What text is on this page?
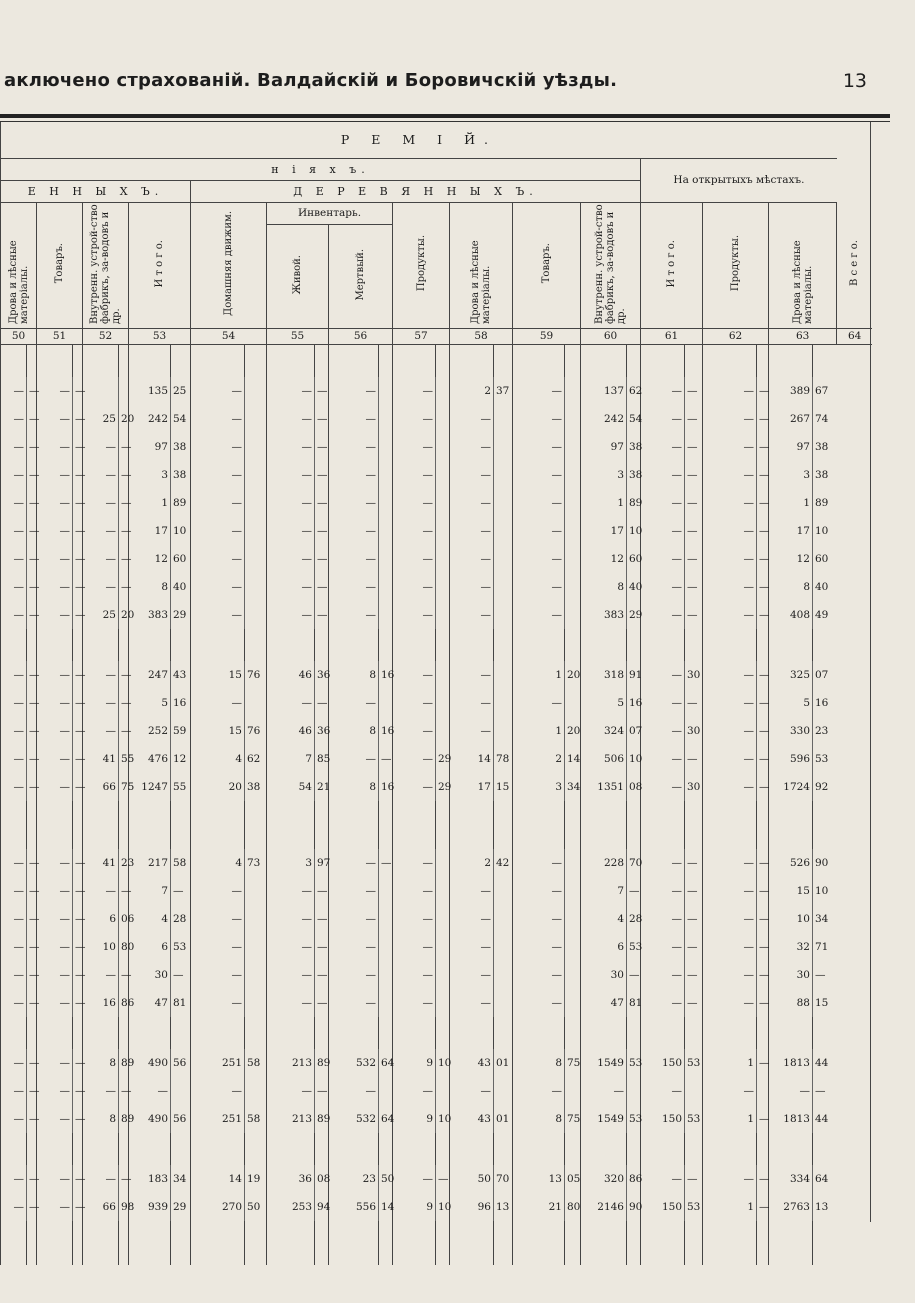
аключено страхованій. Валдайскій и Боровичскій уѣзды.	13
Р Е М І Й.																												
н і я х ъ.																						На открытыхъ мѣстахъ.						

Е Н Н Ы Х Ъ.								Д Е Р Е В Я Н Н Ы Х Ъ.																				
Дрова и лѣсные матеріалы.		Товаръ.		Внутренн. устрой-ство фабрикъ, за-водовъ и др.		И т о г о.		Домашняя движим.		Инвентарь.				Продукты.		Дрова и лѣсные матеріалы.		Товаръ.		Внутренн. устрой-ство фабрикъ, за-водовъ и др.		И т о г о.		Продукты.		Дрова и лѣсные матеріалы.		В с е г о.
										Живой.		Мертвый.																
50		51		52		53		54		55		56		57		58		59		60		61		62		63		64

—	—	—	—			135	25	—		—	—	—		—		2	37	—		137	62	—	—	—	—	389	67	
—	—	—	—	25	20	242	54	—		—	—	—		—		—		—		242	54	—	—	—	—	267	74	
—	—	—	—	—	—	97	38	—		—	—	—		—		—		—		97	38	—	—	—	—	97	38	
—	—	—	—	—	—	3	38	—		—	—	—		—		—		—		3	38	—	—	—	—	3	38	
—	—	—	—	—	—	1	89	—		—	—	—		—		—		—		1	89	—	—	—	—	1	89	
—	—	—	—	—	—	17	10	—		—	—	—		—		—		—		17	10	—	—	—	—	17	10	
—	—	—	—	—	—	12	60	—		—	—	—		—		—		—		12	60	—	—	—	—	12	60	
—	—	—	—	—	—	8	40	—		—	—	—		—		—		—		8	40	—	—	—	—	8	40	
—	—	—	—	25	20	383	29	—		—	—	—		—		—		—		383	29	—	—	—	—	408	49	

—	—	—	—	—	—	247	43	15	76	46	36	8	16	—		—		1	20	318	91	—	30	—	—	325	07	
—	—	—	—	—	—	5	16	—		—	—	—		—		—		—		5	16	—	—	—	—	5	16	
—	—	—	—	—	—	252	59	15	76	46	36	8	16	—		—		1	20	324	07	—	30	—	—	330	23	
—	—	—	—	41	55	476	12	4	62	7	85	—	—	—	29	14	78	2	14	506	10	—	—	—	—	596	53	
—	—	—	—	66	75	1247	55	20	38	54	21	8	16	—	29	17	15	3	34	1351	08	—	30	—	—	1724	92	

—	—	—	—	41	23	217	58	4	73	3	97	—	—	—		2	42	—		228	70	—	—	—	—	526	90	
—	—	—	—	—	—	7	—	—		—	—	—		—		—		—		7	—	—	—	—	—	15	10	
—	—	—	—	6	06	4	28	—		—	—	—		—		—		—		4	28	—	—	—	—	10	34	
—	—	—	—	10	80	6	53	—		—	—	—		—		—		—		6	53	—	—	—	—	32	71	
—	—	—	—	—	—	30	—	—		—	—	—		—		—		—		30	—	—	—	—	—	30	—	
—	—	—	—	16	86	47	81	—		—	—	—		—		—		—		47	81	—	—	—	—	88	15	

—	—	—	—	8	89	490	56	251	58	213	89	532	64	9	10	43	01	8	75	1549	53	150	53	1	—	1813	44	
—	—	—	—	—	—	—		—		—	—	—		—		—		—		—		—		—		—	—	
—	—	—	—	8	89	490	56	251	58	213	89	532	64	9	10	43	01	8	75	1549	53	150	53	1	—	1813	44	

—	—	—	—	—	—	183	34	14	19	36	08	23	50	—	—	50	70	13	05	320	86	—	—	—	—	334	64	
—	—	—	—	66	98	939	29	270	50	253	94	556	14	9	10	96	13	21	80	2146	90	150	53	1	—	2763	13	
